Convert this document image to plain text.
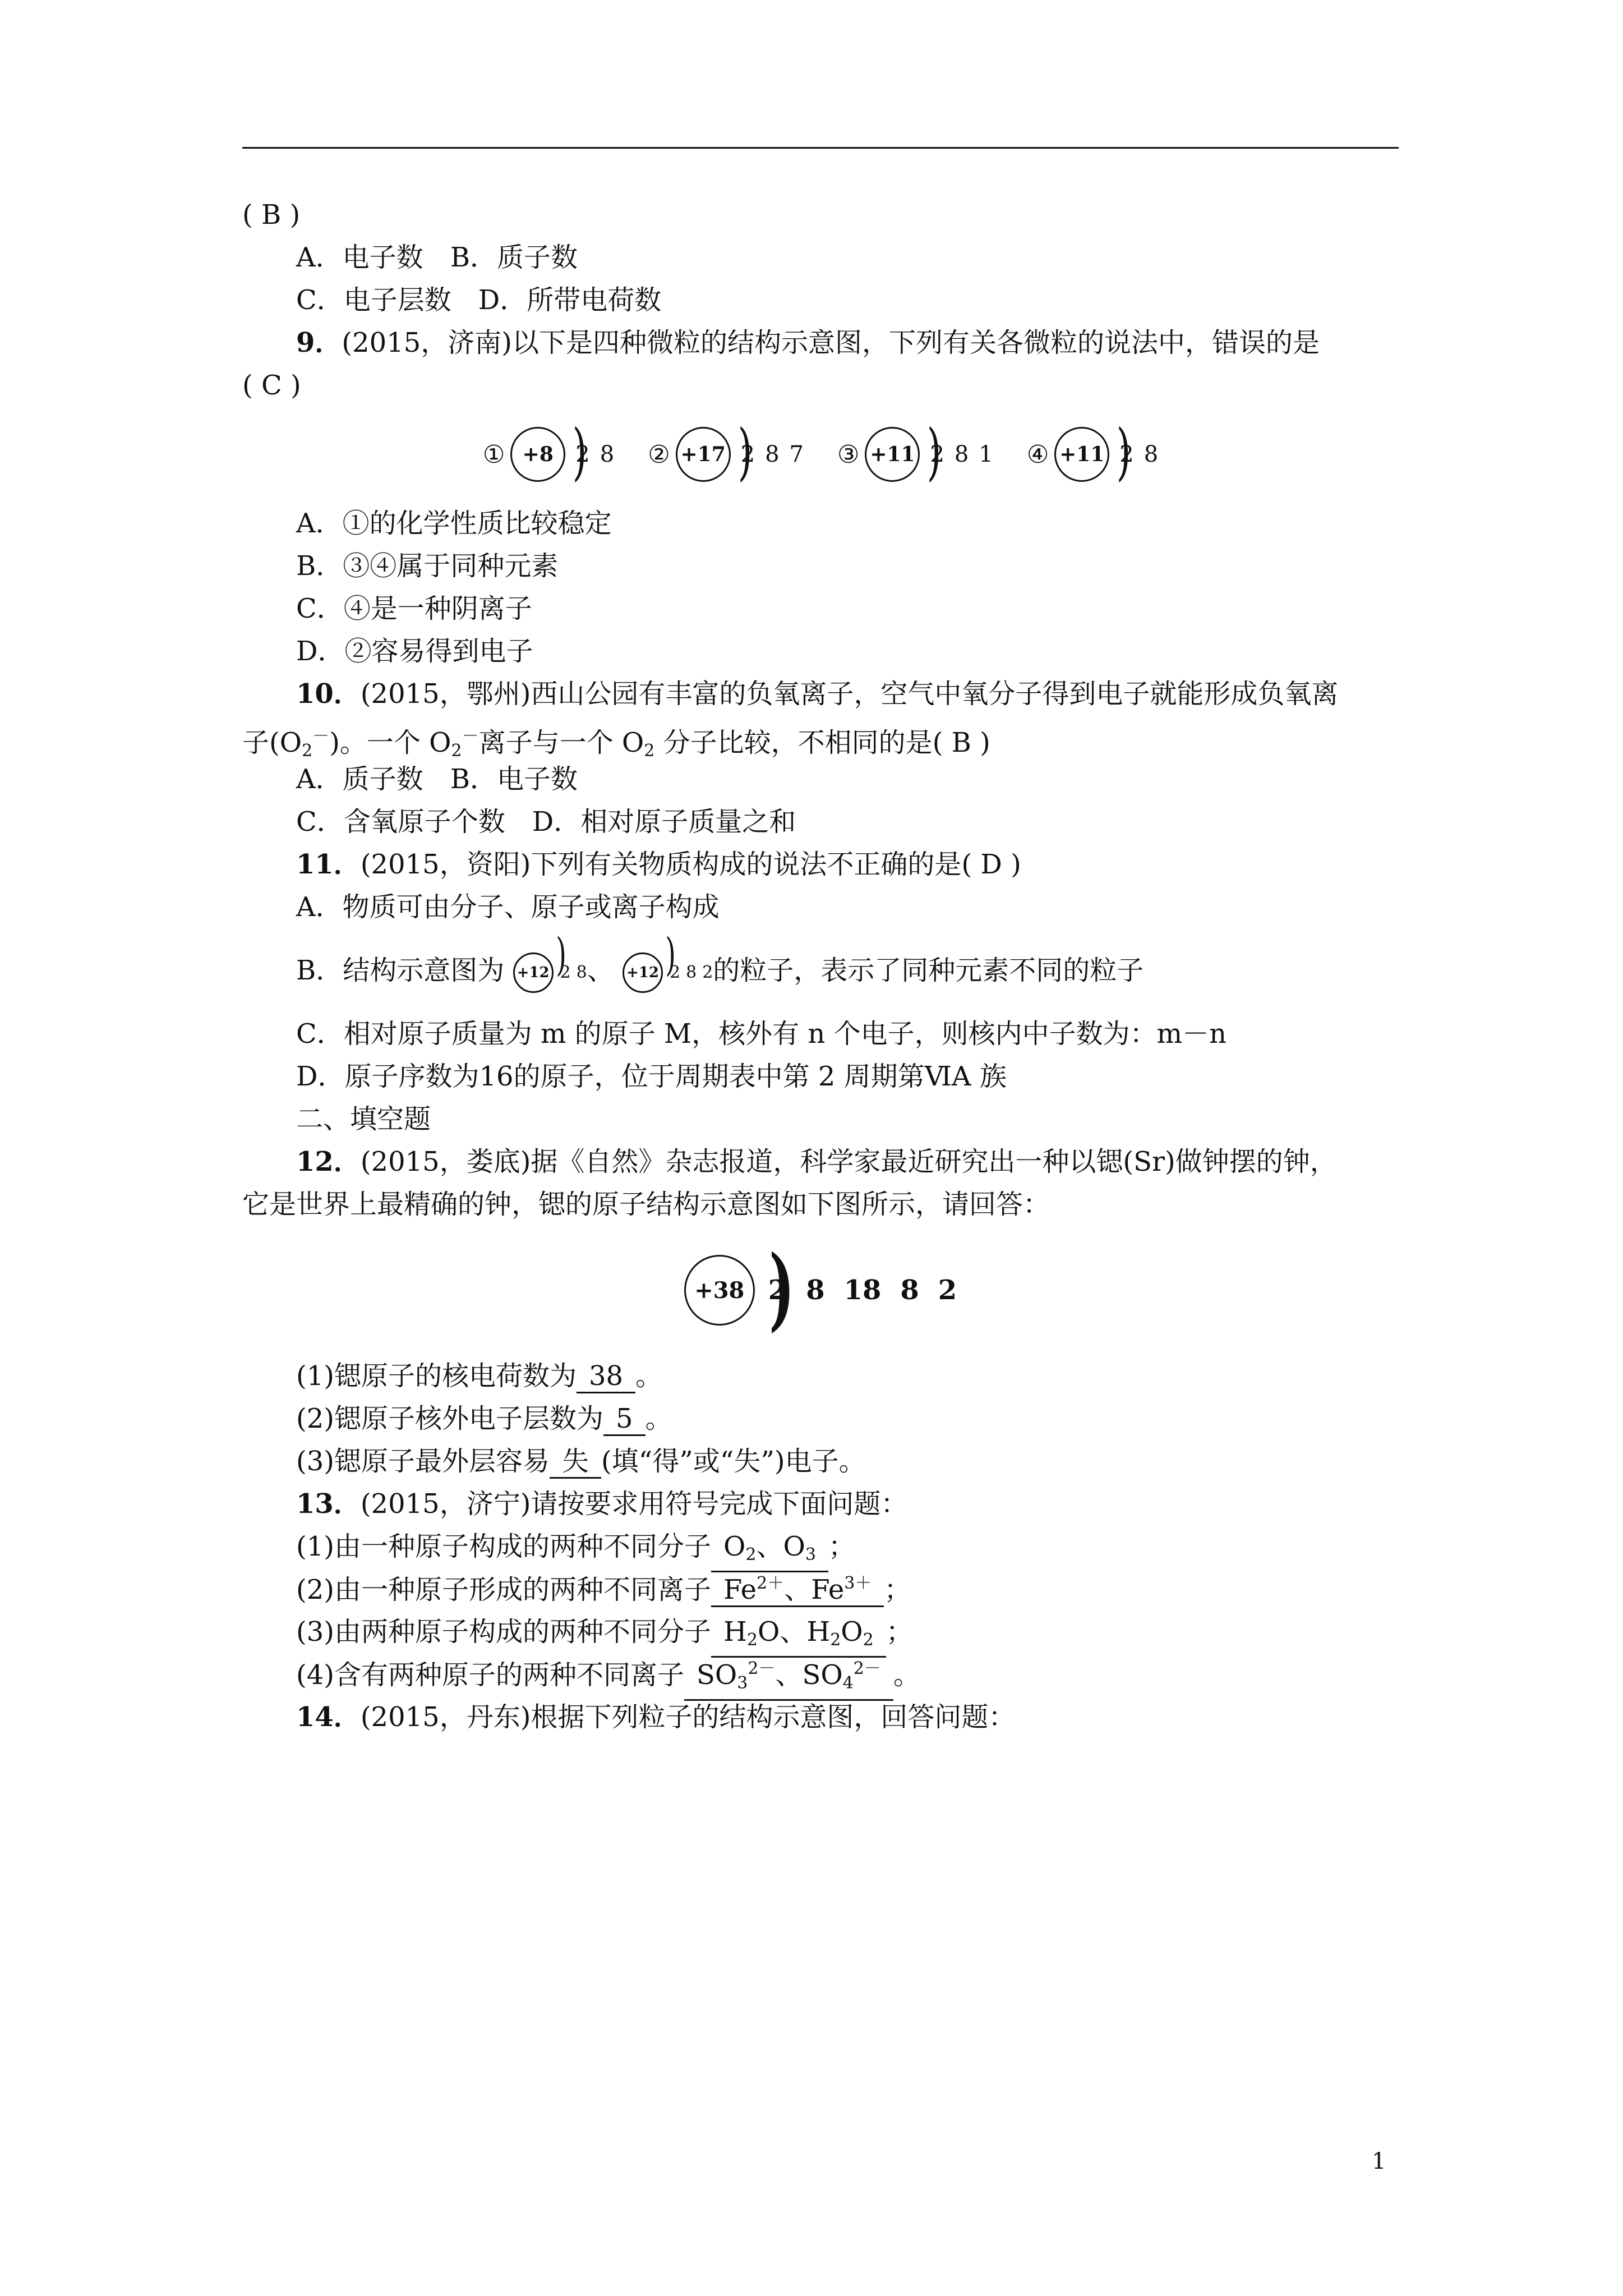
( B )
A．电子数　 B．质子数
C．电子层数　 D．所带电荷数
9．(2015，济南)以下是四种微粒的结构示意图，下列有关各微粒的说法中，错误的是
( C )
① +8 ) 2 8 ② +17 ) 2 8 7 ③ +11 ) 2 8 1 ④ +11 ) 2 8
A．①的化学性质比较稳定
B．③④属于同种元素
C．④是一种阴离子
D．②容易得到电子
10．(2015，鄂州)西山公园有丰富的负氧离子，空气中氧分子得到电子就能形成负氧离
子$(O_2^-)$。一个 $O_2^-$离子与一个 $O_2$ 分子比较，不相同的是( B )
A．质子数　 B．电子数
C．含氧原子个数　 D．相对原子质量之和
11．(2015，资阳)下列有关物质构成的说法不正确的是( D )
A．物质可由分子、原子或离子构成
B．结构示意图为 +12 ) 2 8 、 +12 ) 2 8 2 的粒子，表示了同种元素不同的粒子
C．相对原子质量为 m 的原子 M，核外有 n 个电子，则核内中子数为：m－n
D．原子序数为16的原子，位于周期表中第 2 周期第ⅥA 族
二、填空题
12．(2015，娄底)据《自然》杂志报道，科学家最近研究出一种以锶(Sr)做钟摆的钟，
它是世界上最精确的钟，锶的原子结构示意图如下图所示，请回答：
+38 ) 2 8 18 8 2
(1)锶原子的核电荷数为 38 。
(2)锶原子核外电子层数为 5 。
(3)锶原子最外层容易 失 (填“得”或“失”)电子。
13．(2015，济宁)请按要求用符号完成下面问题：
(1)由一种原子构成的两种不同分子 $O_2$、$O_3$ ；
(2)由一种原子形成的两种不同离子 $Fe^{2+}$、$Fe^{3+}$ ；
(3)由两种原子构成的两种不同分子 $H_2O$、$H_2O_2$ ；
(4)含有两种原子的两种不同离子 $SO_3^{2-}$、$SO_4^{2-}$ 。
14．(2015，丹东)根据下列粒子的结构示意图，回答问题：
1
